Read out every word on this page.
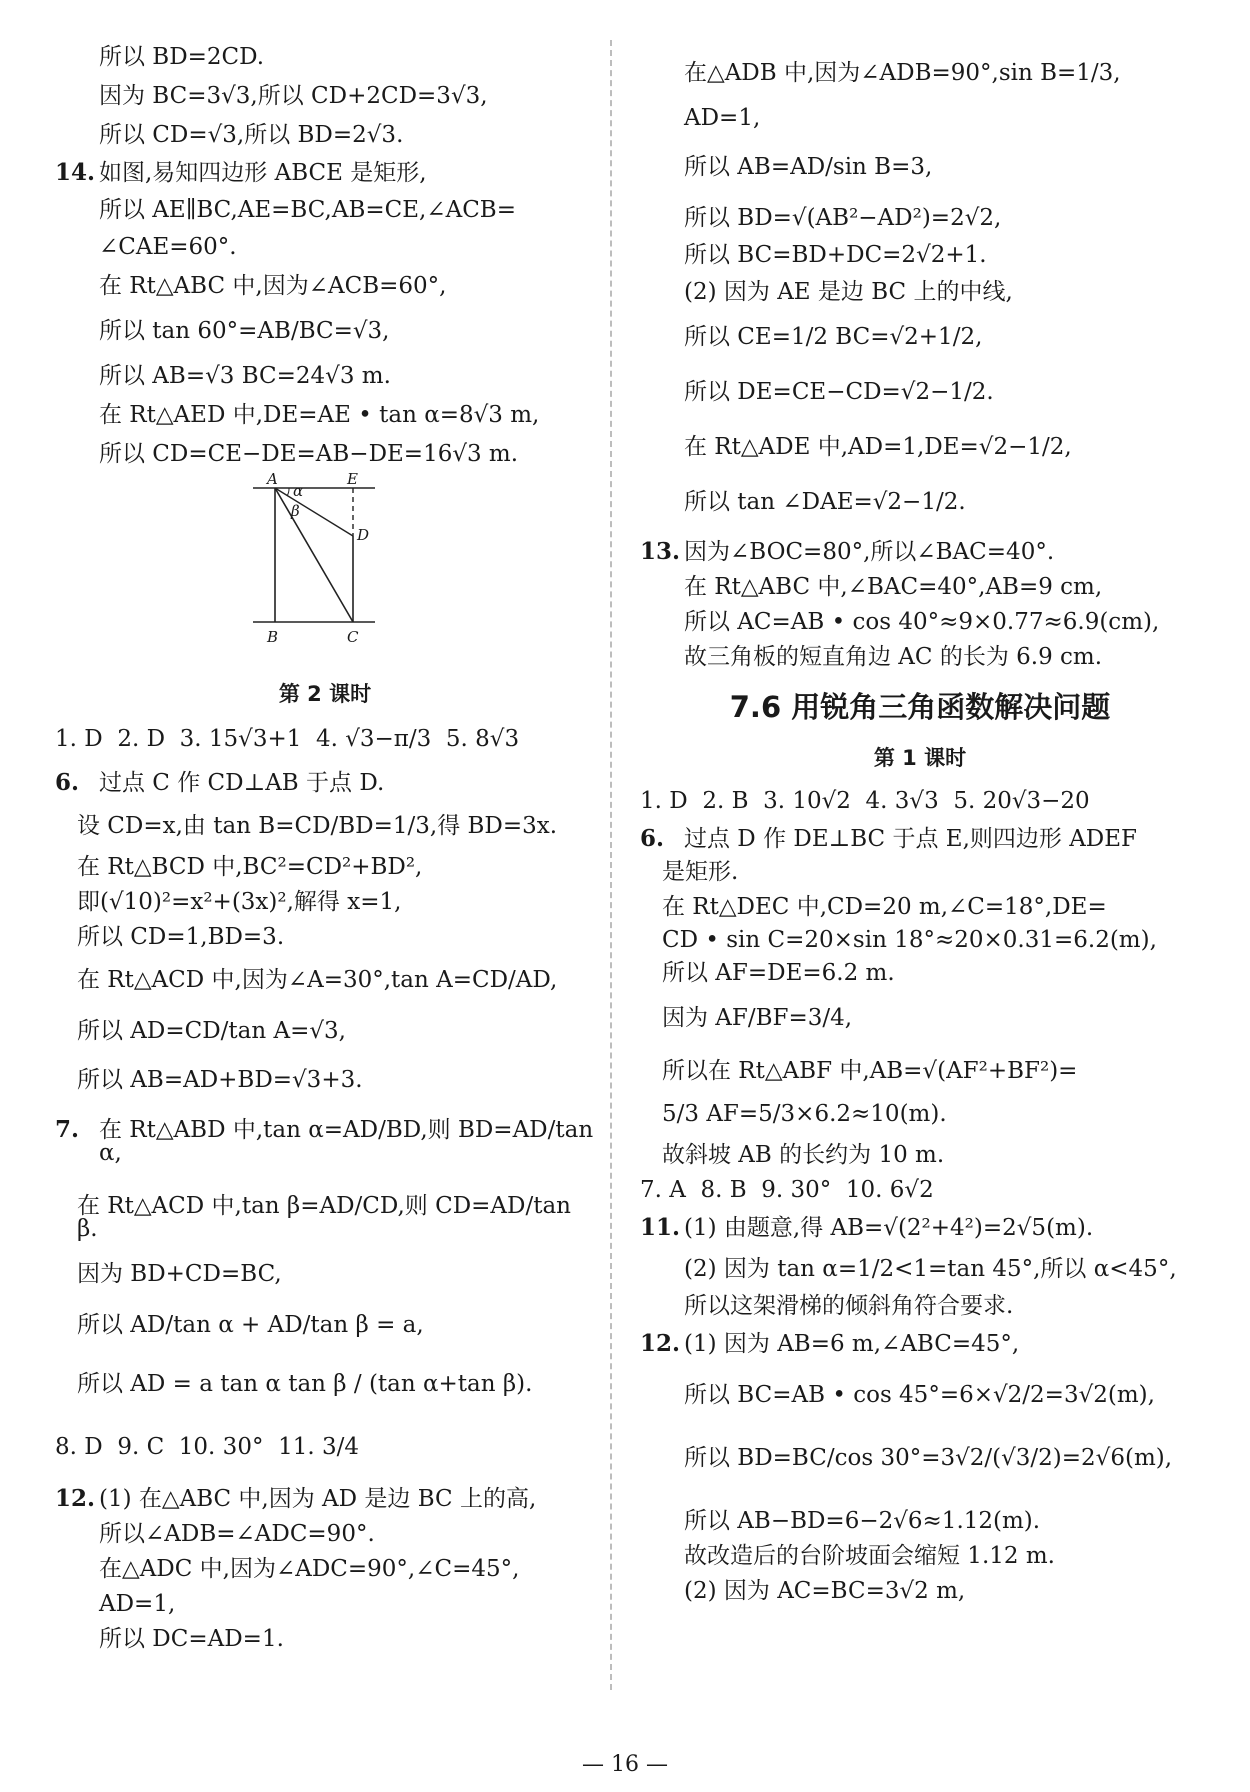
所以 BD=2CD.
因为 BC=3√3,所以 CD+2CD=3√3,
所以 CD=√3,所以 BD=2√3.
14. 如图,易知四边形 ABCE 是矩形,
所以 AE∥BC,AE=BC,AB=CE,∠ACB=
∠CAE=60°.
在 Rt△ABC 中,因为∠ACB=60°,
所以 tan 60°=AB/BC=√3,
所以 AB=√3 BC=24√3 m.
在 Rt△AED 中,DE=AE • tan α=8√3 m,
所以 CD=CE−DE=AB−DE=16√3 m.
A	E
D
B	C
α
β
第 2 课时
1. D  2. D  3. 15√3+1  4. √3−π/3  5. 8√3
6. 过点 C 作 CD⊥AB 于点 D.
设 CD=x,由 tan B=CD/BD=1/3,得 BD=3x.
在 Rt△BCD 中,BC²=CD²+BD²,
即(√10)²=x²+(3x)²,解得 x=1,
所以 CD=1,BD=3.
在 Rt△ACD 中,因为∠A=30°,tan A=CD/AD,
所以 AD=CD/tan A=√3,
所以 AB=AD+BD=√3+3.
7. 在 Rt△ABD 中,tan α=AD/BD,则 BD=AD/tan α,
在 Rt△ACD 中,tan β=AD/CD,则 CD=AD/tan β.
因为 BD+CD=BC,
所以 AD/tan α + AD/tan β = a,
所以 AD = a tan α tan β / (tan α+tan β).
8. D  9. C  10. 30°  11. 3/4
12. (1) 在△ABC 中,因为 AD 是边 BC 上的高,
所以∠ADB=∠ADC=90°.
在△ADC 中,因为∠ADC=90°,∠C=45°,
AD=1,
所以 DC=AD=1.
在△ADB 中,因为∠ADB=90°,sin B=1/3,
AD=1,
所以 AB=AD/sin B=3,
所以 BD=√(AB²−AD²)=2√2,
所以 BC=BD+DC=2√2+1.
(2) 因为 AE 是边 BC 上的中线,
所以 CE=1/2 BC=√2+1/2,
所以 DE=CE−CD=√2−1/2.
在 Rt△ADE 中,AD=1,DE=√2−1/2,
所以 tan ∠DAE=√2−1/2.
13. 因为∠BOC=80°,所以∠BAC=40°.
在 Rt△ABC 中,∠BAC=40°,AB=9 cm,
所以 AC=AB • cos 40°≈9×0.77≈6.9(cm),
故三角板的短直角边 AC 的长为 6.9 cm.
7.6 用锐角三角函数解决问题
第 1 课时
1. D  2. B  3. 10√2  4. 3√3  5. 20√3−20
6. 过点 D 作 DE⊥BC 于点 E,则四边形 ADEF
是矩形.
在 Rt△DEC 中,CD=20 m,∠C=18°,DE=
CD • sin C=20×sin 18°≈20×0.31=6.2(m),
所以 AF=DE=6.2 m.
因为 AF/BF=3/4,
所以在 Rt△ABF 中,AB=√(AF²+BF²)=
5/3 AF=5/3×6.2≈10(m).
故斜坡 AB 的长约为 10 m.
7. A  8. B  9. 30°  10. 6√2
11. (1) 由题意,得 AB=√(2²+4²)=2√5(m).
(2) 因为 tan α=1/2<1=tan 45°,所以 α<45°,
所以这架滑梯的倾斜角符合要求.
12. (1) 因为 AB=6 m,∠ABC=45°,
所以 BC=AB • cos 45°=6×√2/2=3√2(m),
所以 BD=BC/cos 30°=3√2/(√3/2)=2√6(m),
所以 AB−BD=6−2√6≈1.12(m).
故改造后的台阶坡面会缩短 1.12 m.
(2) 因为 AC=BC=3√2 m,
— 16 —
